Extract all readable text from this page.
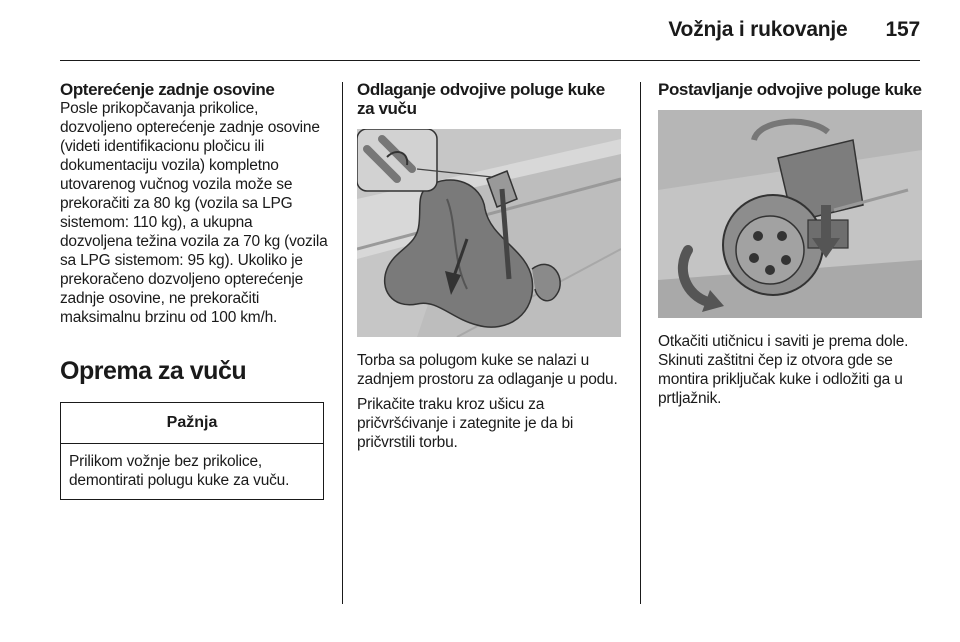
Vožnja i rukovanje 157
Opterećenje zadnje osovine

Posle prikopčavanja prikolice, dozvoljeno opterećenje zadnje osovine (videti identifikacionu pločicu ili dokumentaciju vozila) kompletno utovarenog vučnog vozila može se prekoračiti za 80 kg (vozila sa LPG sistemom: 110 kg), a ukupna dozvoljena težina vozila za 70 kg (vozila sa LPG sistemom: 95 kg). Ukoliko je prekoračeno dozvoljeno opterećenje zadnje osovine, ne prekoračiti maksimalnu brzinu od 100 km/h.

Oprema za vuču
Pažnja
Prilikom vožnje bez prikolice, demontirati polugu kuke za vuču.
Odlaganje odvojive poluge kuke za vuču

Torba sa polugom kuke se nalazi u zadnjem prostoru za odlaganje u podu.

Prikačite traku kroz ušicu za pričvršćivanje i zategnite je da bi pričvrstili torbu.

Postavljanje odvojive poluge kuke

Otkačiti utičnicu i saviti je prema dole. Skinuti zaštitni čep iz otvora gde se montira priključak kuke i odložiti ga u prtljažnik.
